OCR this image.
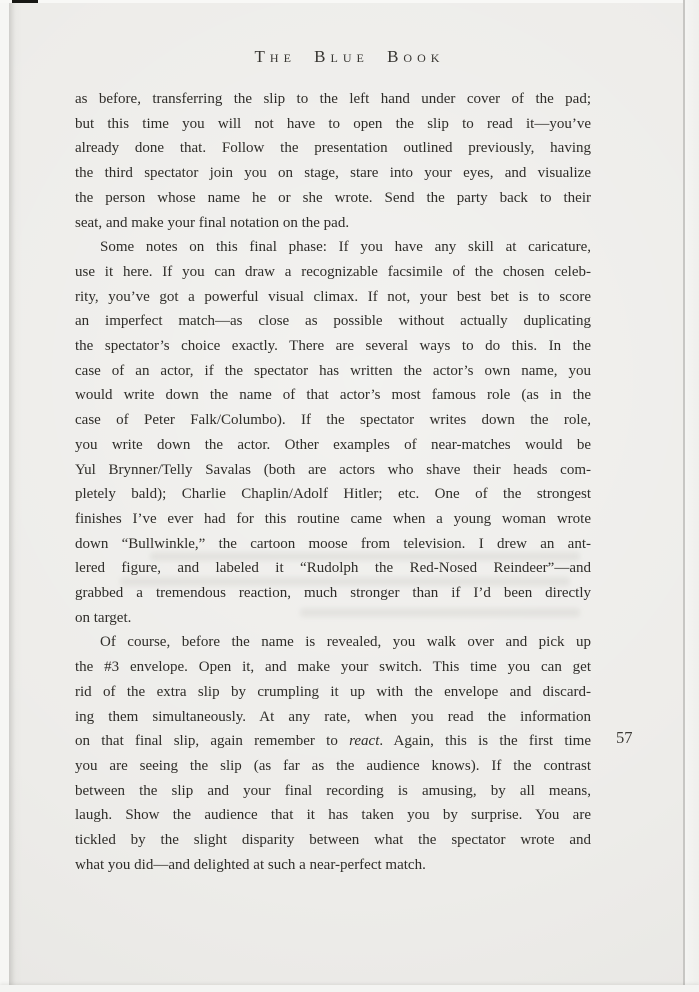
The Blue Book
as before, transferring the slip to the left hand under cover of the pad;
but this time you will not have to open the slip to read it—you’ve
already done that. Follow the presentation outlined previously, having
the third spectator join you on stage, stare into your eyes, and visualize
the person whose name he or she wrote. Send the party back to their
seat, and make your final notation on the pad.
Some notes on this final phase: If you have any skill at caricature,
use it here. If you can draw a recognizable facsimile of the chosen celeb-
rity, you’ve got a powerful visual climax. If not, your best bet is to score
an imperfect match—as close as possible without actually duplicating
the spectator’s choice exactly. There are several ways to do this. In the
case of an actor, if the spectator has written the actor’s own name, you
would write down the name of that actor’s most famous role (as in the
case of Peter Falk/Columbo). If the spectator writes down the role,
you write down the actor. Other examples of near-matches would be
Yul Brynner/Telly Savalas (both are actors who shave their heads com-
pletely bald); Charlie Chaplin/Adolf Hitler; etc. One of the strongest
finishes I’ve ever had for this routine came when a young woman wrote
down “Bullwinkle,” the cartoon moose from television. I drew an ant-
lered figure, and labeled it “Rudolph the Red-Nosed Reindeer”—and
grabbed a tremendous reaction, much stronger than if I’d been directly
on target.
Of course, before the name is revealed, you walk over and pick up
the #3 envelope. Open it, and make your switch. This time you can get
rid of the extra slip by crumpling it up with the envelope and discard-
ing them simultaneously. At any rate, when you read the information
on that final slip, again remember to react. Again, this is the first time
you are seeing the slip (as far as the audience knows). If the contrast
between the slip and your final recording is amusing, by all means,
laugh. Show the audience that it has taken you by surprise. You are
tickled by the slight disparity between what the spectator wrote and
what you did—and delighted at such a near-perfect match.
57
